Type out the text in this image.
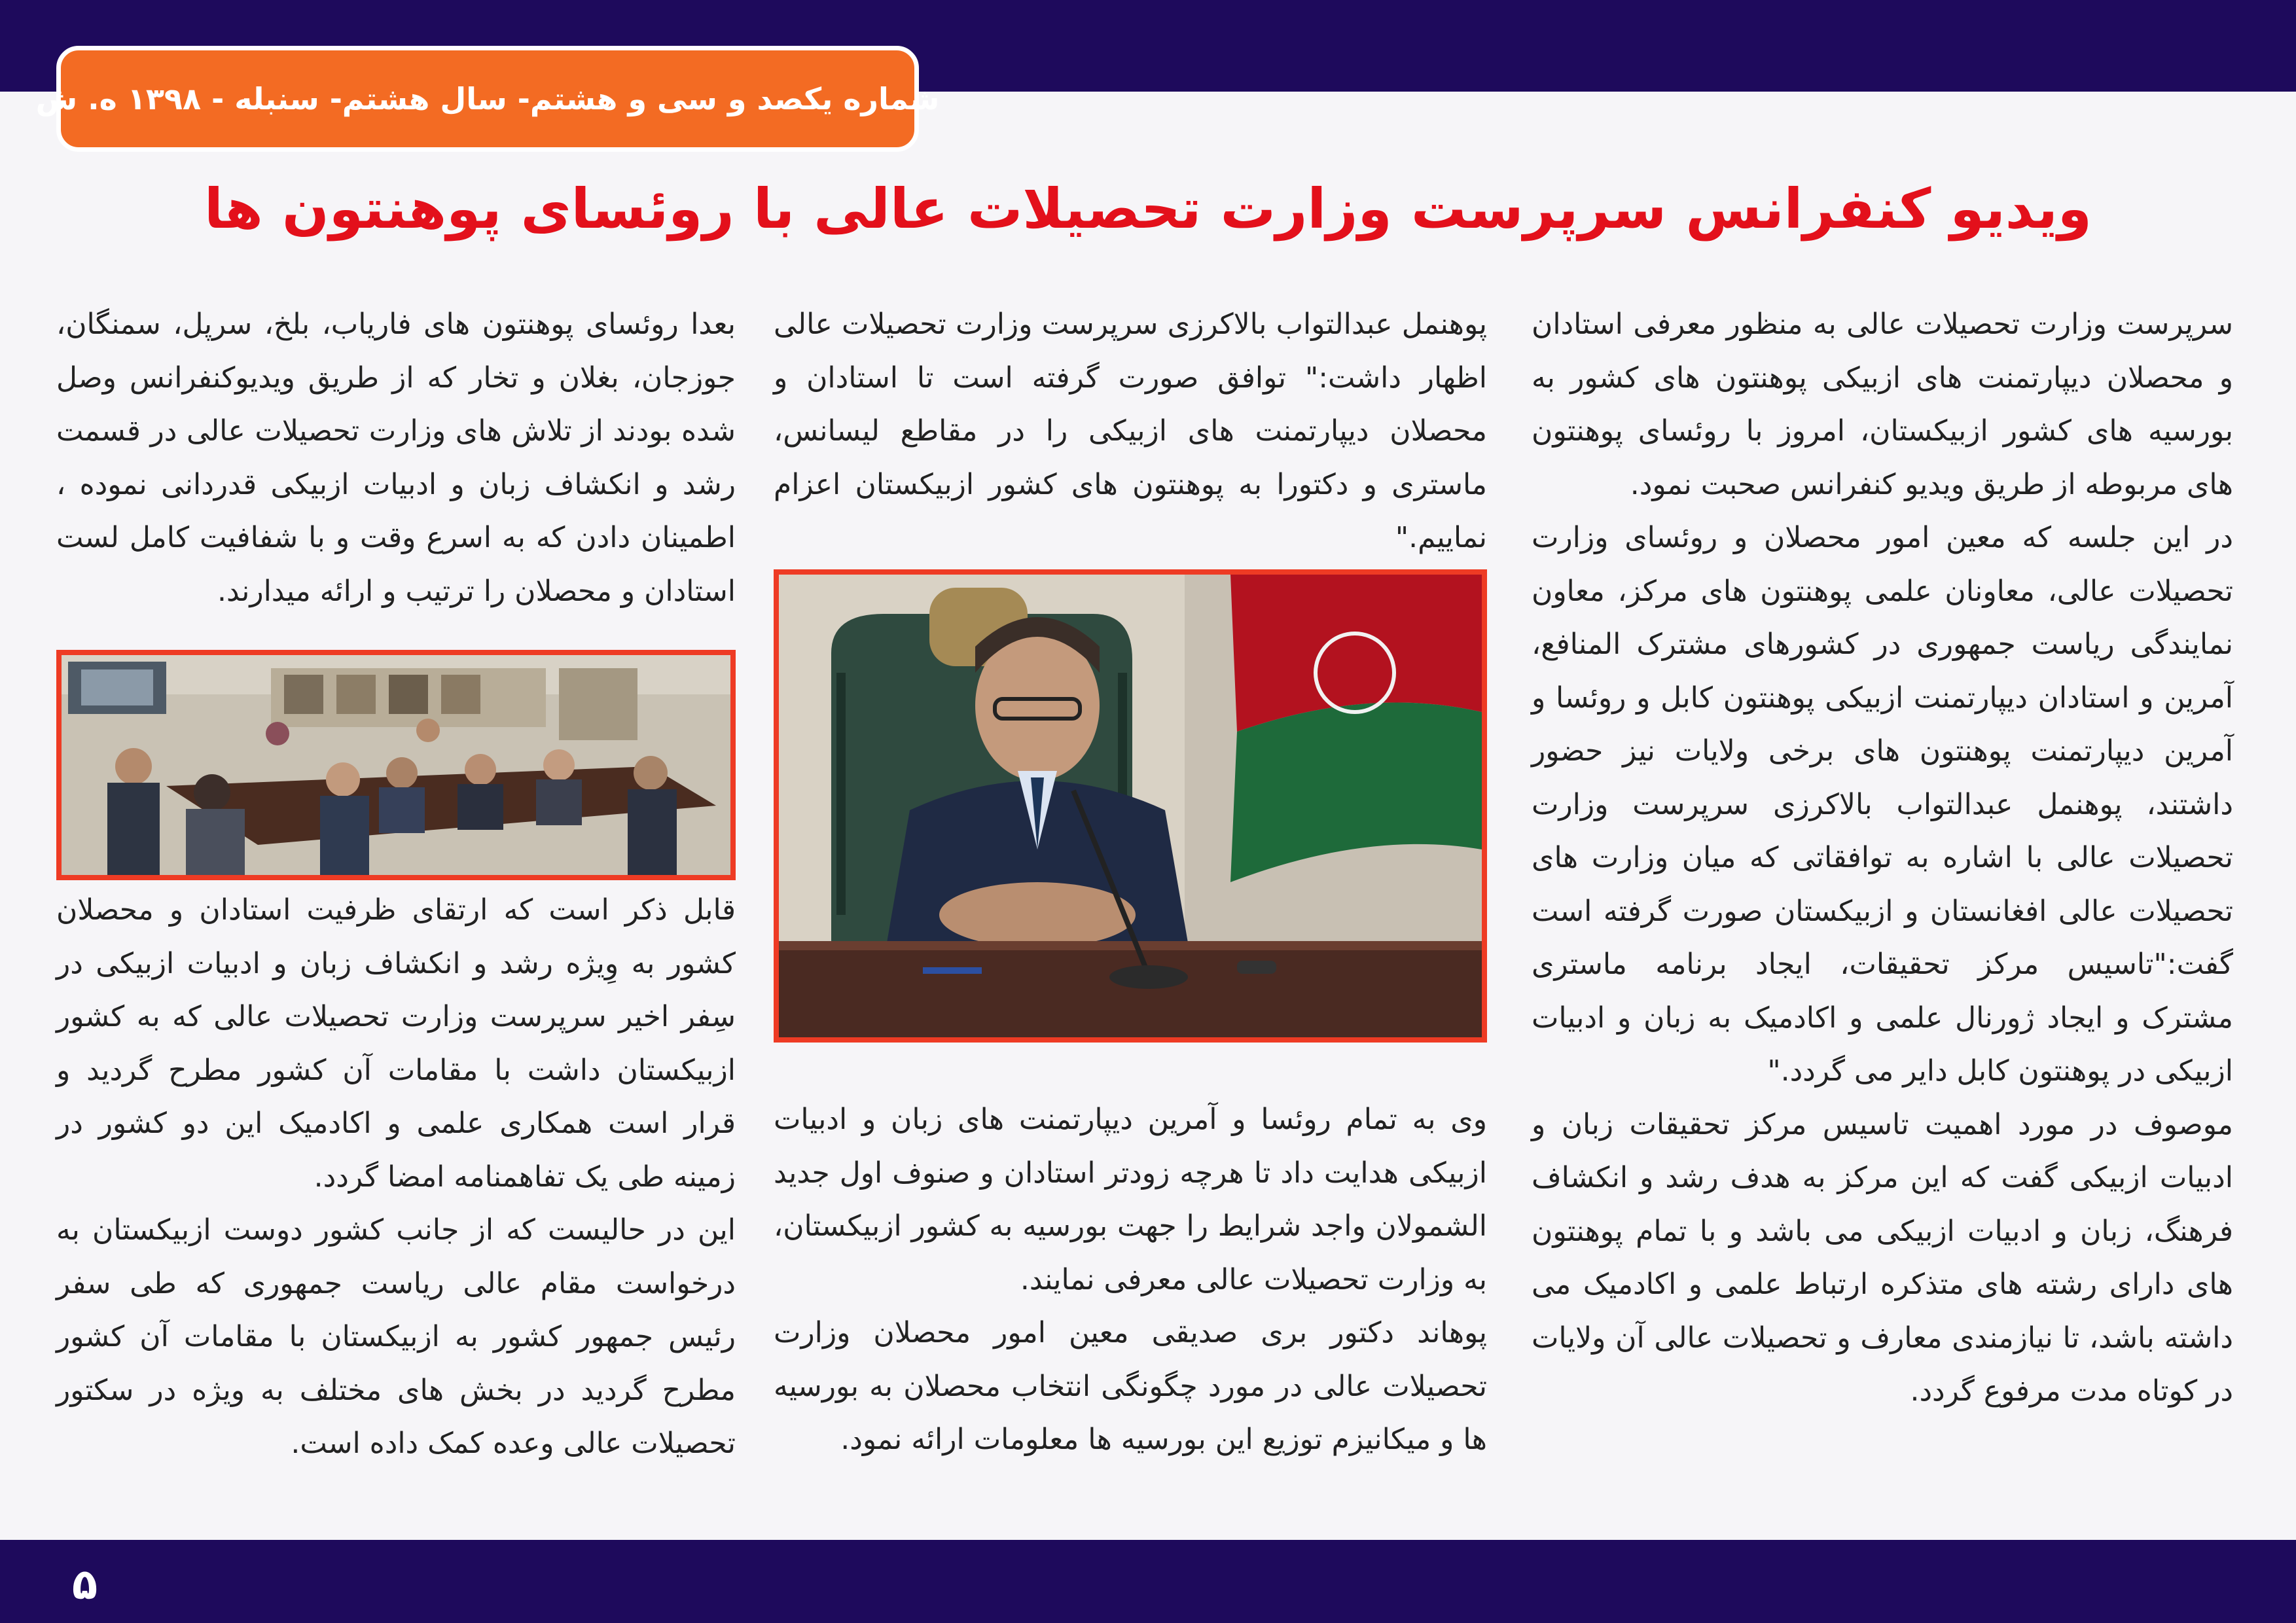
شماره یکصد و سی و هشتم- سال هشتم- سنبله - ۱۳۹۸ ه. ش
ویدیو کنفرانس سرپرست وزارت تحصیلات عالی با روئسای پوهنتون ها

سرپرست وزارت تحصیلات عالی به منظور معرفی استادان و محصلان دیپارتمنت های ازبیکی پوهنتون های کشور به بورسیه های کشور ازبیکستان، امروز با روئسای پوهنتون های مربوطه از طریق ویدیو کنفرانس صحبت نمود.

در این جلسه که معین امور محصلان و روئسای وزارت تحصیلات عالی، معاونان علمی پوهنتون های مرکز، معاون نمایندگی ریاست جمهوری در کشورهای مشترک المنافع، آمرین و استادان دیپارتمنت ازبیکی پوهنتون کابل و روئسا و آمرین دیپارتمنت پوهنتون های برخی ولایات نیز حضور داشتند، پوهنمل عبدالتواب بالاکرزی سرپرست وزارت تحصیلات عالی با اشاره به توافقاتی که میان وزارت های تحصیلات عالی افغانستان و ازبیکستان صورت گرفته است گفت:"تاسیس مرکز تحقیقات، ایجاد برنامه ماستری مشترک و ایجاد ژورنال علمی و اکادمیک به زبان و ادبیات ازبیکی در پوهنتون کابل دایر می گردد."

موصوف در مورد اهمیت تاسیس مرکز تحقیقات زبان و ادبیات ازبیکی گفت که این مرکز به هدف رشد و انکشاف فرهنگ، زبان و ادبیات ازبیکی می باشد و با تمام پوهنتون های دارای رشته های متذکره ارتباط علمی و اکادمیک می داشته باشد، تا نیازمندی معارف و تحصیلات عالی آن ولایات در کوتاه مدت مرفوع گردد.

پوهنمل عبدالتواب بالاکرزی سرپرست وزارت تحصیلات عالی اظهار داشت:" توافق صورت گرفته است تا استادان و محصلان دیپارتمنت های ازبیکی را در مقاطع لیسانس، ماستری و دکتورا به پوهنتون های کشور ازبیکستان اعزام نماییم."

وی به تمام روئسا و آمرین دیپارتمنت های زبان و ادبیات ازبیکی هدایت داد تا هرچه زودتر استادان و صنوف اول جدید الشمولان واجد شرایط را جهت بورسیه به کشور ازبیکستان، به وزارت تحصیلات عالی معرفی نمایند.

پوهاند دکتور بری صدیقی معین امور محصلان وزارت تحصیلات عالی در مورد چگونگی انتخاب محصلان به بورسیه ها و میکانیزم توزیع این بورسیه ها معلومات ارائه نمود.

بعدا روئسای پوهنتون های فاریاب، بلخ، سرپل، سمنگان، جوزجان، بغلان و تخار که از طریق ویدیوکنفرانس وصل شده بودند از تلاش های وزارت تحصیلات عالی در قسمت رشد و انکشاف زبان و ادبیات ازبیکی قدردانی نموده ، اطمینان دادن که به اسرع وقت و با شفافیت کامل لست استادان و محصلان را ترتیب و ارائه میدارند.

قابل ذکر است که ارتقای ظرفیت استادان و محصلان کشور به وِیژه رشد و انکشاف زبان و ادبیات ازبیکی در سِفر اخیر سرپرست وزارت تحصیلات عالی که به کشور ازبیکستان داشت با مقامات آن کشور مطرح گردید و قرار است همکاری علمی و اکادمیک این دو کشور در زمینه طی یک تفاهمنامه امضا گردد.

این در حالیست که از جانب کشور دوست ازبیکستان به درخواست مقام عالی ریاست جمهوری که طی سفر رئیس جمهور کشور به ازبیکستان با مقامات آن کشور مطرح گردید در بخش های مختلف به ویژه در سکتور تحصیلات عالی وعده کمک داده است.

۵
